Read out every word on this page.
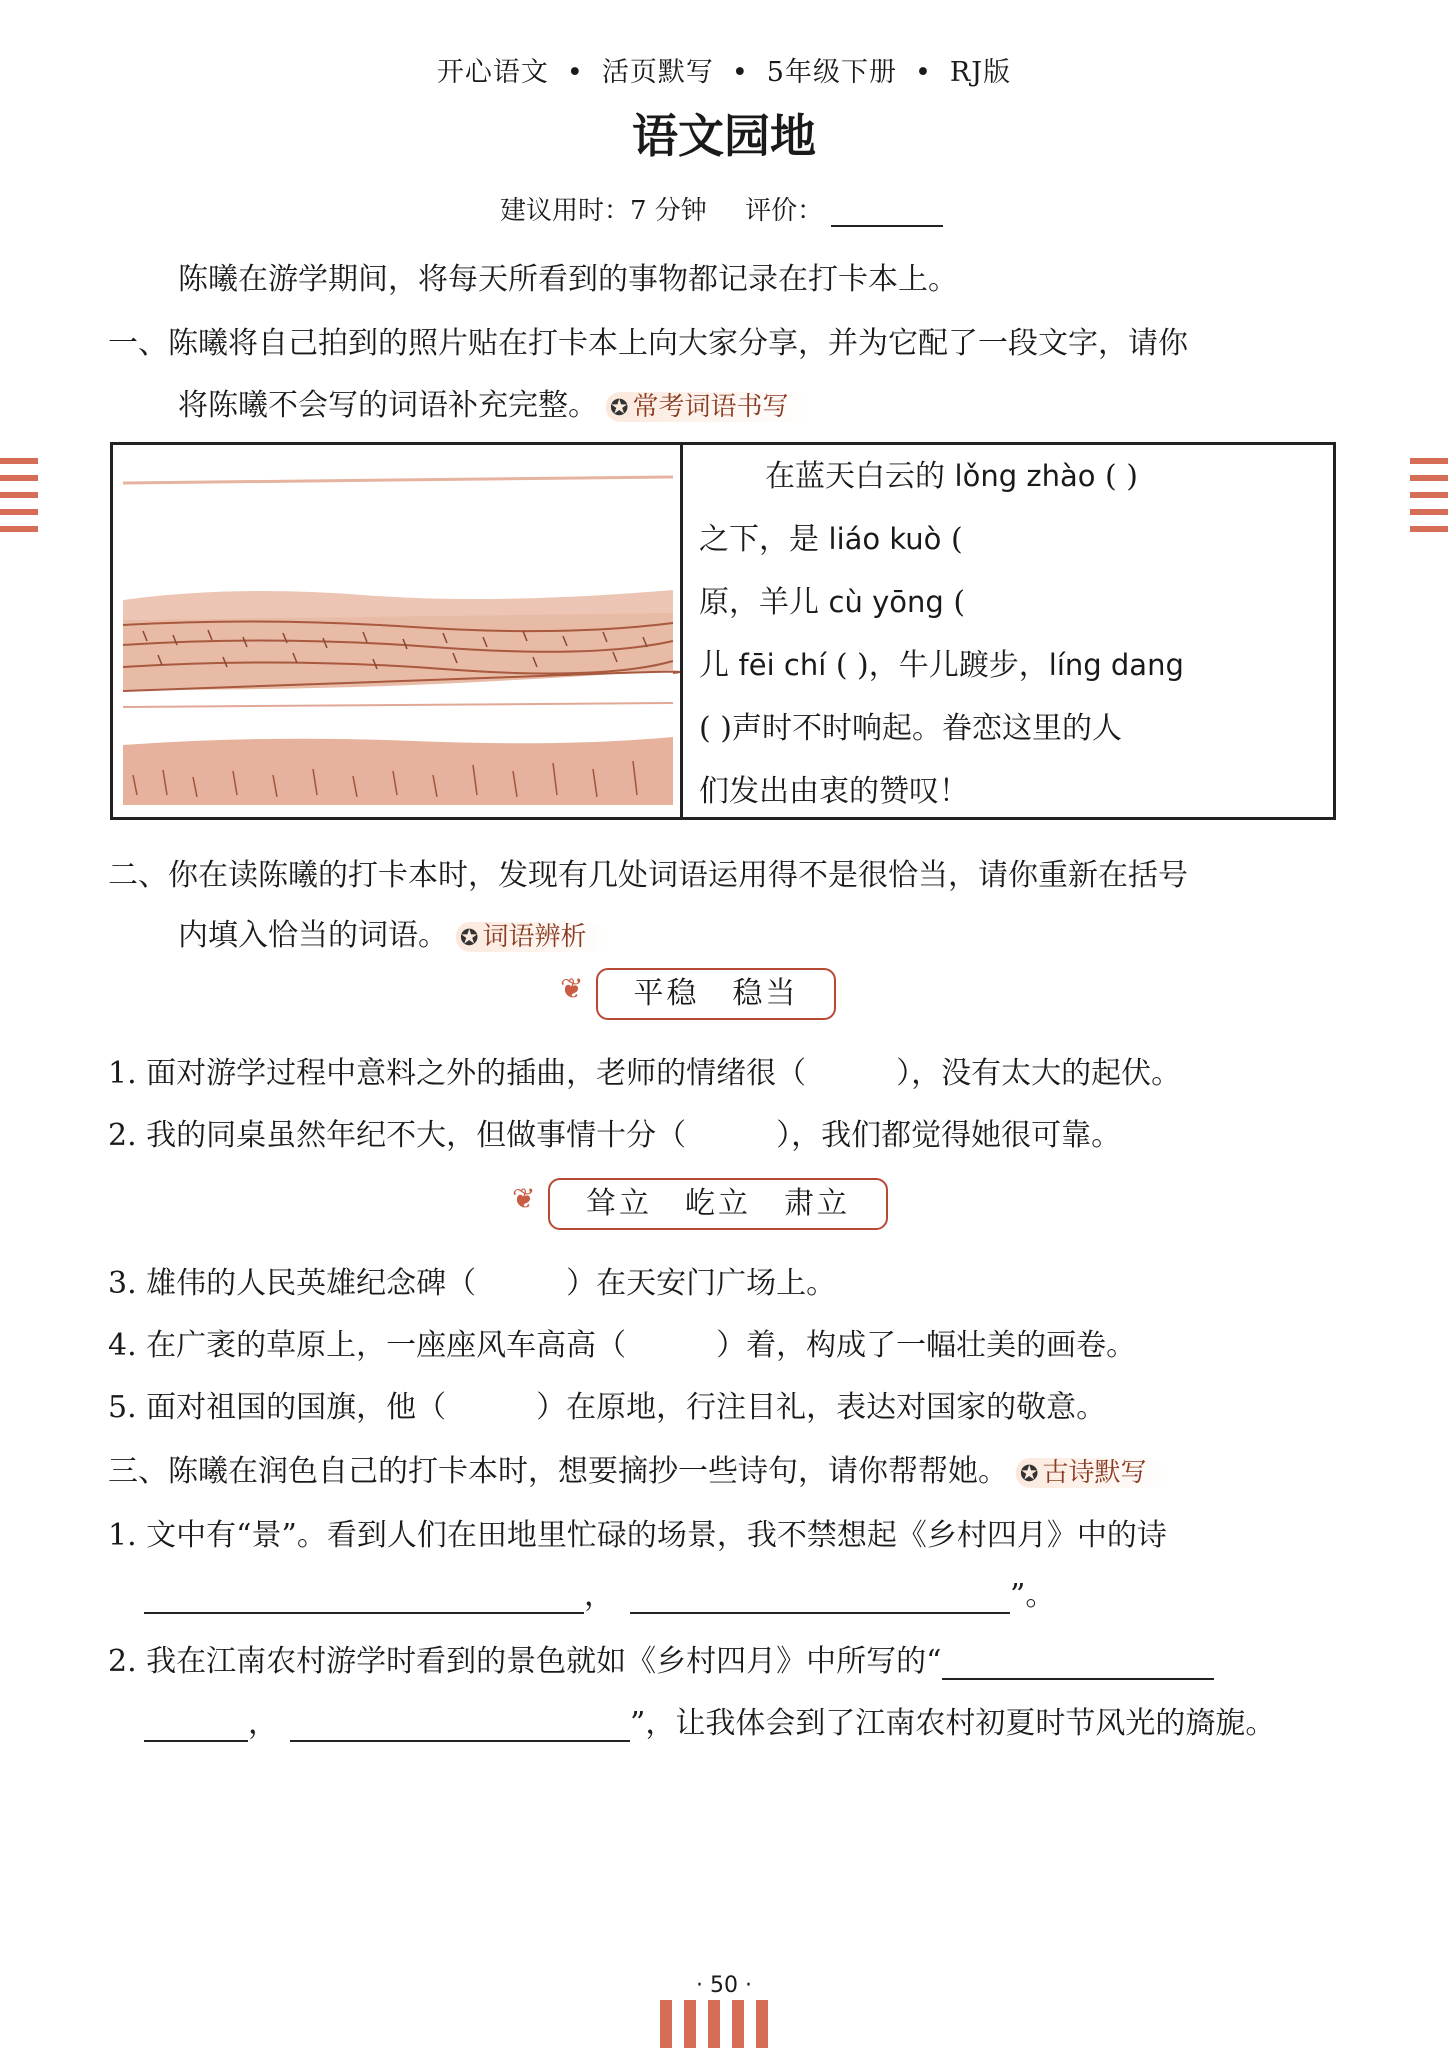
开心语文 • 活页默写 • 5年级下册 • RJ版
语文园地
建议用时：7 分钟 评价：
陈曦在游学期间，将每天所看到的事物都记录在打卡本上。
一、陈曦将自己拍到的照片贴在打卡本上向大家分享，并为它配了一段文字，请你
将陈曦不会写的词语补充完整。 ✪ 常考词语书写
在蓝天白云的 lǒng zhào ( )
之下，是 liáo kuò (
原，羊儿 cù yōng (
儿 fēi chí ( )，牛儿踱步，líng dang
( )声时不时响起。眷恋这里的人
们发出由衷的赞叹！
二、你在读陈曦的打卡本时，发现有几处词语运用得不是很恰当，请你重新在括号
内填入恰当的词语。 ✪ 词语辨析
❦	平稳　稳当
1. 面对游学过程中意料之外的插曲，老师的情绪很（　　　），没有太大的起伏。
2. 我的同桌虽然年纪不大，但做事情十分（　　　），我们都觉得她很可靠。
❦	耸立　屹立　肃立
3. 雄伟的人民英雄纪念碑（　　　）在天安门广场上。
4. 在广袤的草原上，一座座风车高高（　　　）着，构成了一幅壮美的画卷。
5. 面对祖国的国旗，他（　　　）在原地，行注目礼，表达对国家的敬意。
三、陈曦在润色自己的打卡本时，想要摘抄一些诗句，请你帮帮她。 ✪ 古诗默写
1. 文中有“景”。看到人们在田地里忙碌的场景，我不禁想起《乡村四月》中的诗
，	”。
2. 我在江南农村游学时看到的景色就如《乡村四月》中所写的“
，	”，让我体会到了江南农村初夏时节风光的旖旎。
· 50 ·
